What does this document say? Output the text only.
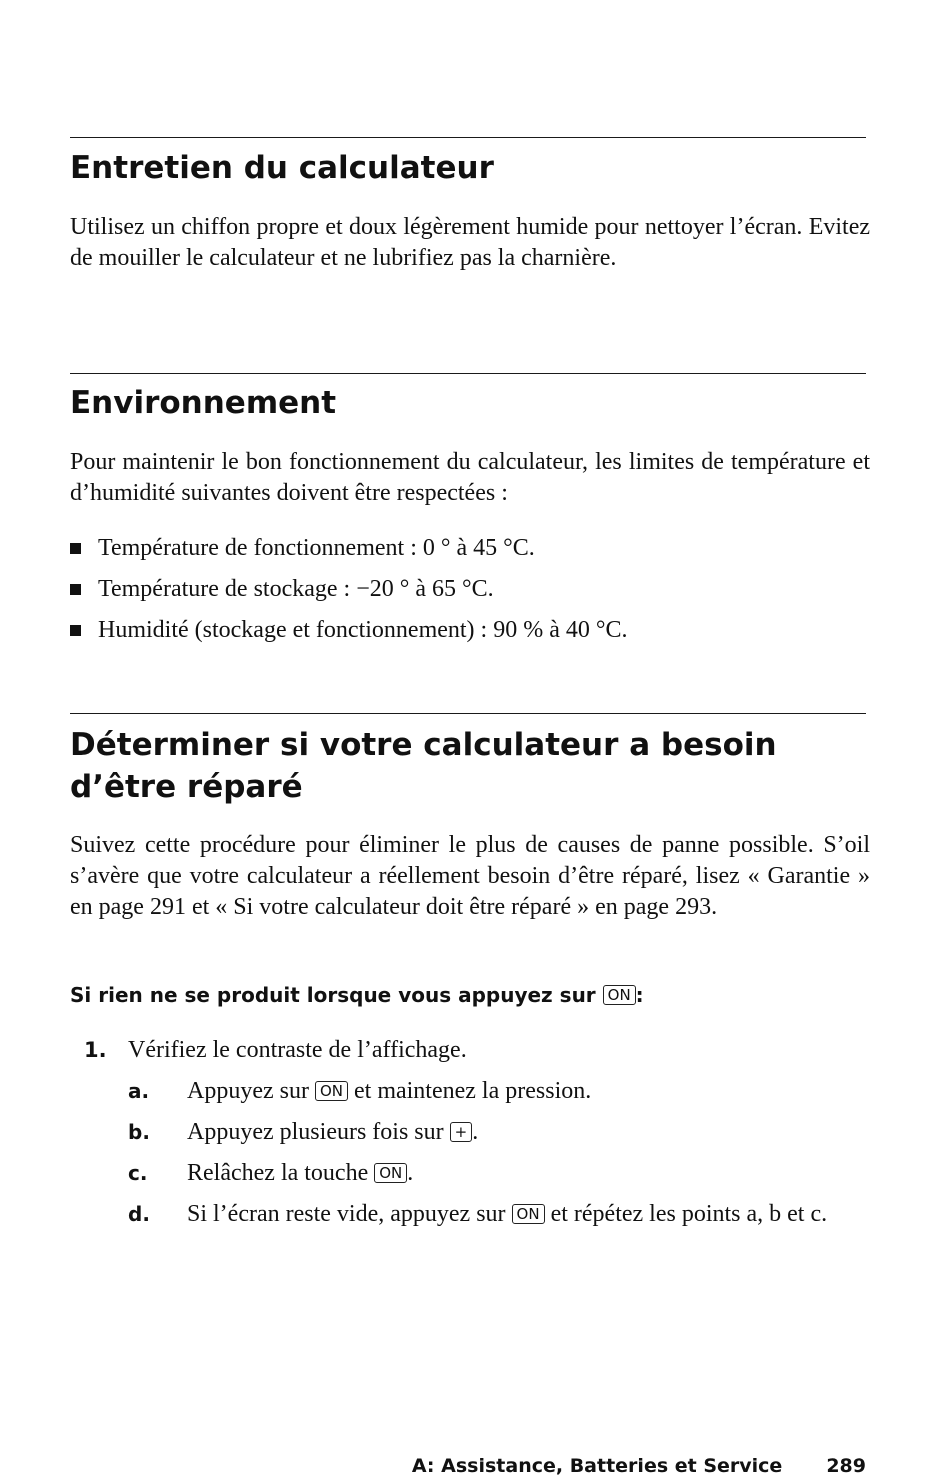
Entretien du calculateur

Utilisez un chiffon propre et doux légèrement humide pour nettoyer l’écran. Evitez de mouiller le calculateur et ne lubrifiez pas la charnière.

Environnement

Pour maintenir le bon fonctionnement du calculateur, les limites de température et d’humidité suivantes doivent être respectées :

Température de fonctionnement : 0 ° à 45 °C.
Température de stockage : −20 ° à 65 °C.
Humidité (stockage et fonctionnement) : 90 % à 40 °C.
Déterminer si votre calculateur a besoin
d’être réparé

Suivez cette procédure pour éliminer le plus de causes de panne possible. S’oil s’avère que votre calculateur a réellement besoin d’être réparé, lisez « Garantie » en page 291 et « Si votre calculateur doit être réparé » en page 293.

Si rien ne se produit lorsque vous appuyez sur ON :

1. Vérifiez le contraste de l’affichage.
a. Appuyez sur ON et maintenez la pression.
b. Appuyez plusieurs fois sur + .
c. Relâchez la touche ON .
d. Si l’écran reste vide, appuyez sur ON et répétez les points a, b et c.
A: Assistance, Batteries et Service 289
